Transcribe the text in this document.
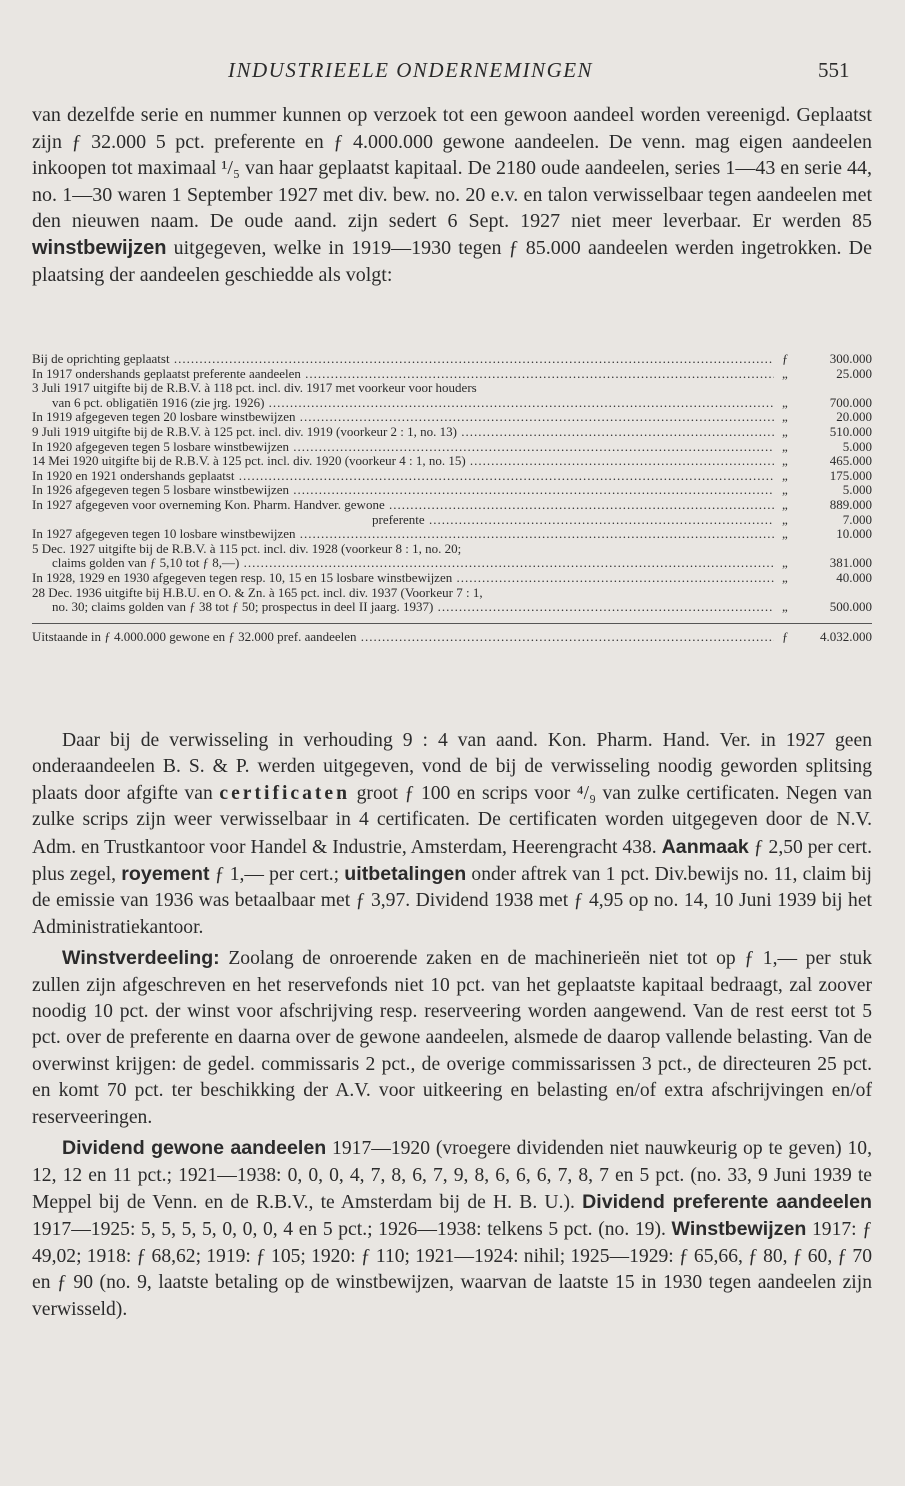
INDUSTRIEELE ONDERNEMINGEN	551
van dezelfde serie en nummer kunnen op verzoek tot een gewoon aandeel worden vereenigd. Geplaatst zijn ƒ 32.000 5 pct. preferente en ƒ 4.000.000 gewone aandeelen. De venn. mag eigen aandeelen inkoopen tot maximaal ¹/₅ van haar geplaatst kapitaal. De 2180 oude aandeelen, series 1—43 en serie 44, no. 1—30 waren 1 September 1927 met div. bew. no. 20 e.v. en talon verwisselbaar tegen aandeelen met den nieuwen naam. De oude aand. zijn sedert 6 Sept. 1927 niet meer leverbaar. Er werden 85 winstbewijzen uitgegeven, welke in 1919—1930 tegen ƒ 85.000 aandeelen werden ingetrokken. De plaatsing der aandeelen geschiedde als volgt:
Bij de oprichting geplaatst .....	ƒ	300.000
In 1917 ondershands geplaatst preferente aandeelen .....	„	25.000
3 Juli 1917 uitgifte bij de R.B.V. à 118 pct. incl. div. 1917 met voorkeur voor houders
van 6 pct. obligatiën 1916 (zie jrg. 1926) .....	„	700.000
In 1919 afgegeven tegen 20 losbare winstbewijzen .....	„	20.000
9 Juli 1919 uitgifte bij de R.B.V. à 125 pct. incl. div. 1919 (voorkeur 2 : 1, no. 13) .....	„	510.000
In 1920 afgegeven tegen 5 losbare winstbewijzen .....	„	5.000
14 Mei 1920 uitgifte bij de R.B.V. à 125 pct. incl. div. 1920 (voorkeur 4 : 1, no. 15) .....	„	465.000
In 1920 en 1921 ondershands geplaatst .....	„	175.000
In 1926 afgegeven tegen 5 losbare winstbewijzen .....	„	5.000
In 1927 afgegeven voor overneming Kon. Pharm. Handver. gewone .....	„	889.000
preferente .....	„	7.000
In 1927 afgegeven tegen 10 losbare winstbewijzen .....	„	10.000
5 Dec. 1927 uitgifte bij de R.B.V. à 115 pct. incl. div. 1928 (voorkeur 8 : 1, no. 20;
claims golden van ƒ 5,10 tot ƒ 8,—) .....	„	381.000
In 1928, 1929 en 1930 afgegeven tegen resp. 10, 15 en 15 losbare winstbewijzen .....	„	40.000
28 Dec. 1936 uitgifte bij H.B.U. en O. & Zn. à 165 pct. incl. div. 1937 (Voorkeur 7 : 1,
no. 30; claims golden van ƒ 38 tot ƒ 50; prospectus in deel II jaarg. 1937) .....	„	500.000
Uitstaande in ƒ 4.000.000 gewone en ƒ 32.000 pref. aandeelen .....	ƒ	4.032.000

Daar bij de verwisseling in verhouding 9 : 4 van aand. Kon. Pharm. Hand. Ver. in 1927 geen onderaandeelen B. S. & P. werden uitgegeven, vond de bij de verwisseling noodig geworden splitsing plaats door afgifte van certificaten groot ƒ 100 en scrips voor ⁴/₉ van zulke certificaten. Negen van zulke scrips zijn weer verwisselbaar in 4 certificaten. De certificaten worden uitgegeven door de N.V. Adm. en Trustkantoor voor Handel & Industrie, Amsterdam, Heerengracht 438. Aanmaak ƒ 2,50 per cert. plus zegel, royement ƒ 1,— per cert.; uitbetalingen onder aftrek van 1 pct. Div.bewijs no. 11, claim bij de emissie van 1936 was betaalbaar met ƒ 3,97. Dividend 1938 met ƒ 4,95 op no. 14, 10 Juni 1939 bij het Administratiekantoor.

Winstverdeeling: Zoolang de onroerende zaken en de machinerieën niet tot op ƒ 1,— per stuk zullen zijn afgeschreven en het reservefonds niet 10 pct. van het geplaatste kapitaal bedraagt, zal zoover noodig 10 pct. der winst voor afschrijving resp. reserveering worden aangewend. Van de rest eerst tot 5 pct. over de preferente en daarna over de gewone aandeelen, alsmede de daarop vallende belasting. Van de overwinst krijgen: de gedel. commissaris 2 pct., de overige commissarissen 3 pct., de directeuren 25 pct. en komt 70 pct. ter beschikking der A.V. voor uitkeering en belasting en/of extra afschrijvingen en/of reserveeringen.

Dividend gewone aandeelen 1917—1920 (vroegere dividenden niet nauwkeurig op te geven) 10, 12, 12 en 11 pct.; 1921—1938: 0, 0, 0, 4, 7, 8, 6, 7, 9, 8, 6, 6, 6, 7, 8, 7 en 5 pct. (no. 33, 9 Juni 1939 te Meppel bij de Venn. en de R.B.V., te Amsterdam bij de H. B. U.). Dividend preferente aandeelen 1917—1925: 5, 5, 5, 5, 0, 0, 0, 4 en 5 pct.; 1926—1938: telkens 5 pct. (no. 19). Winstbewijzen 1917: ƒ 49,02; 1918: ƒ 68,62; 1919: ƒ 105; 1920: ƒ 110; 1921—1924: nihil; 1925—1929: ƒ 65,66, ƒ 80, ƒ 60, ƒ 70 en ƒ 90 (no. 9, laatste betaling op de winstbewijzen, waarvan de laatste 15 in 1930 tegen aandeelen zijn verwisseld).
